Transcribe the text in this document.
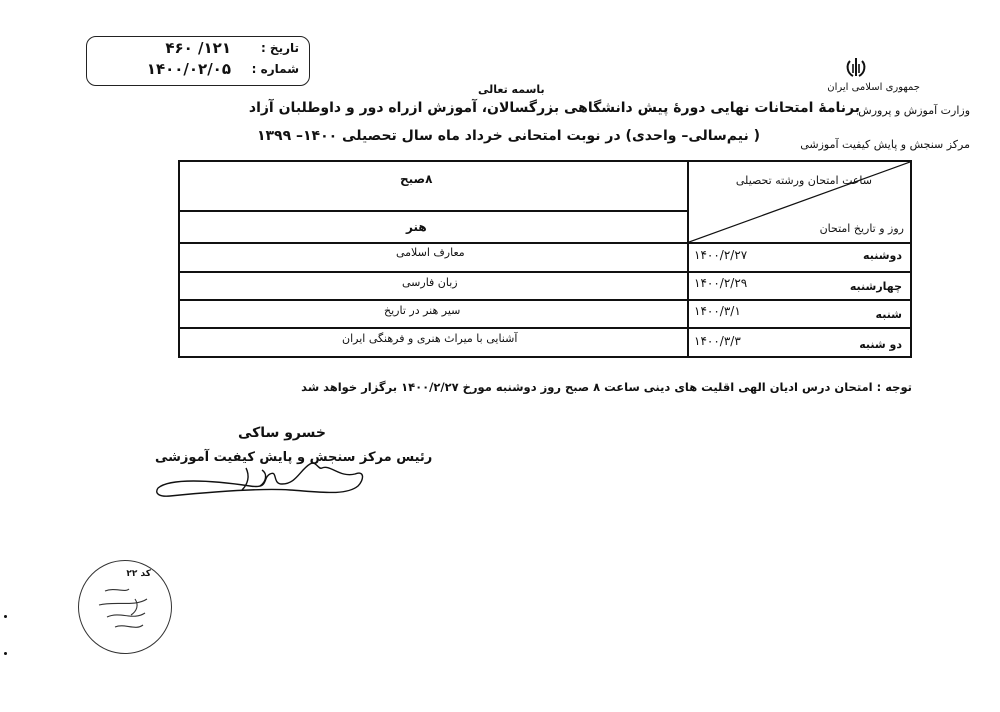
تاریخ :
۴۶۰ /۱۲۱
شماره :
۱۴۰۰/۰۲/۰۵
جمهوری اسلامی ایران
باسمه تعالی
وزارت آموزش و پرورش
برنامهٔ امتحانات نهایی دورهٔ پیش دانشگاهی بزرگسالان، آموزش ازراه دور و داوطلبان آزاد
مرکز سنجش و پایش کیفیت آموزشی
( نیم‌سالی– واحدی) در نوبت امتحانی خرداد ماه سال تحصیلی ۱۴۰۰– ۱۳۹۹
ساعت امتحان ورشته تحصیلی
روز و تاریخ امتحان
۸صبح
هنر
دوشنبه
۱۴۰۰/۲/۲۷
معارف اسلامی
چهارشنبه
۱۴۰۰/۲/۲۹
زبان فارسی
شنبه
۱۴۰۰/۳/۱
سیر هنر در تاریخ
دو شنبه
۱۴۰۰/۳/۳
آشنایی با میراث هنری و فرهنگی ایران
توجه : امتحان درس ادیان الهی اقلیت های دینی ساعت ۸ صبح روز دوشنبه مورخ ۱۴۰۰/۲/۲۷ برگزار خواهد شد
خسرو ساکی
رئیس مرکز سنجش و پایش کیفیت آموزشی
کد ۲۲
